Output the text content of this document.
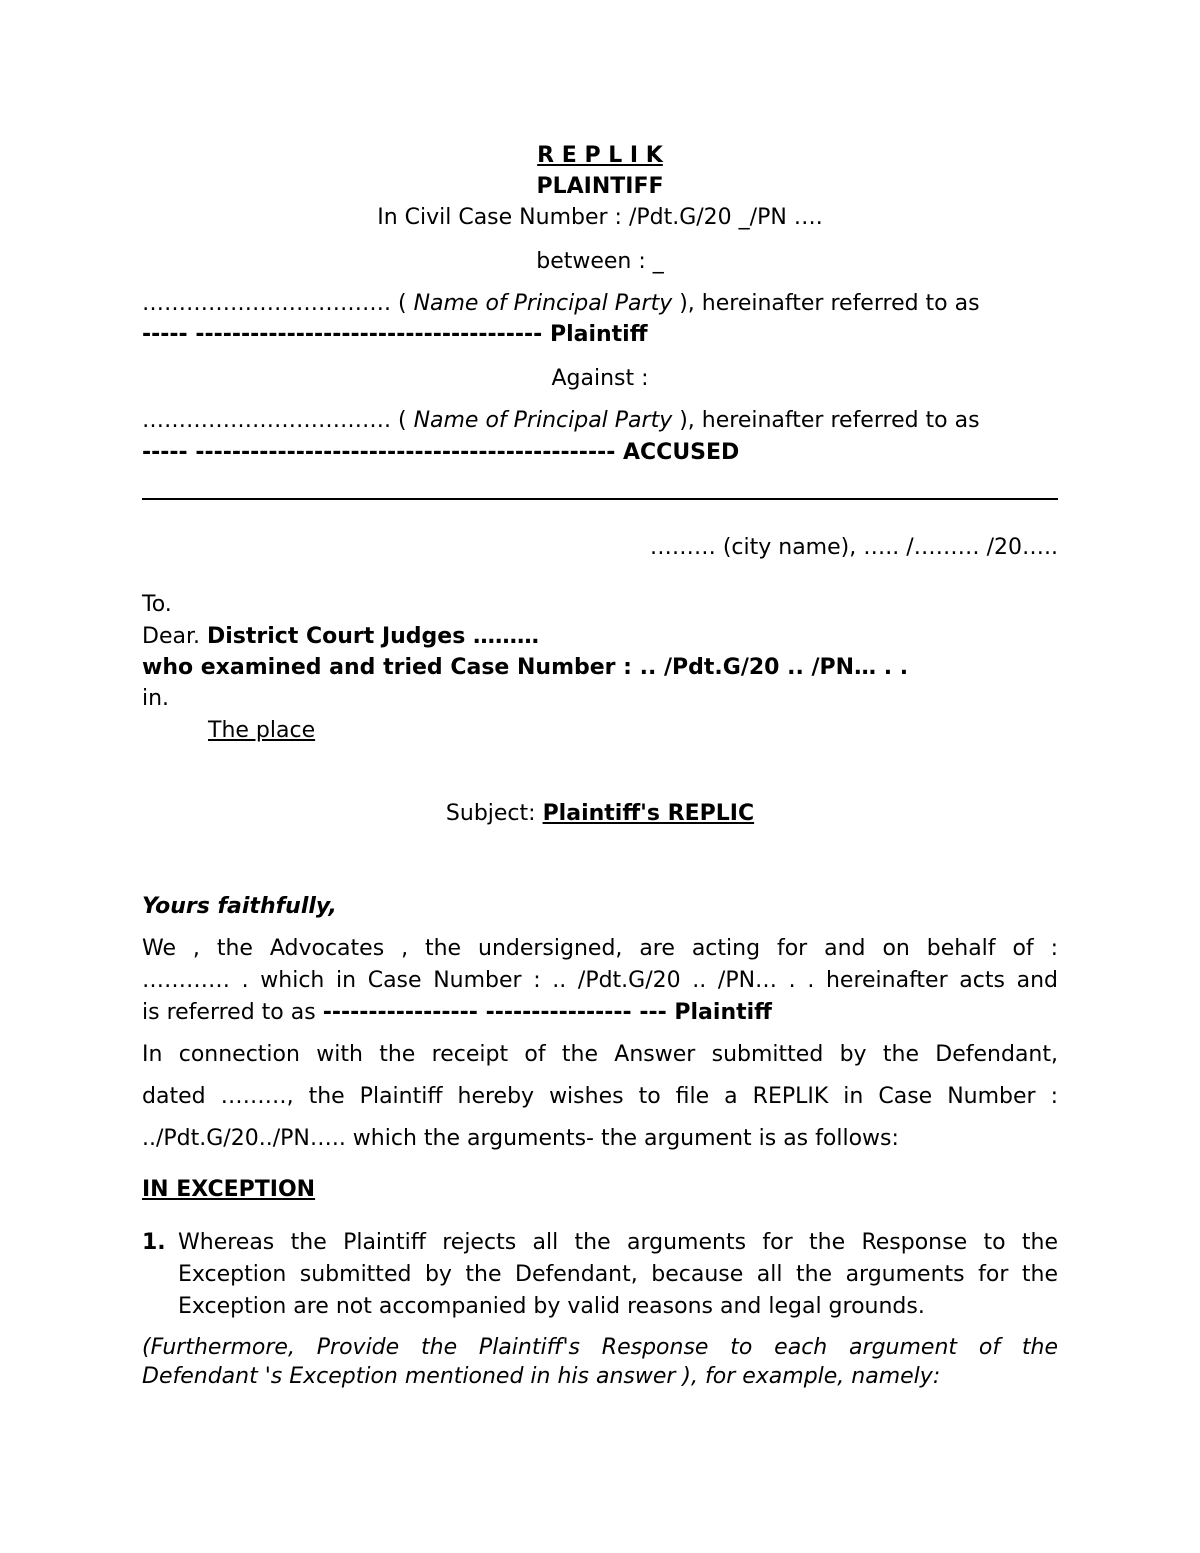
R E P L I K
PLAINTIFF
In Civil Case Number : /Pdt.G/20 _/PN ….
between : _
……………………………. ( Name of Principal Party ), hereinafter referred to as
----- -------------------------------------- Plaintiff
Against :
……………………………. ( Name of Principal Party ), hereinafter referred to as
----- ---------------------------------------------- ACCUSED
……… (city name), ….. /……… /20…..
To.
Dear. District Court Judges ………
who examined and tried Case Number : .. /Pdt.G/20 .. /PN… . .
in.
The place
Subject: Plaintiff's REPLIC
Yours faithfully,
We , the Advocates , the undersigned, are acting for and on behalf of :
………… . which in Case Number : .. /Pdt.G/20 .. /PN… . . hereinafter acts and
is referred to as ----------------- ---------------- --- Plaintiff
In connection with the receipt of the Answer submitted by the Defendant,
dated ………, the Plaintiff hereby wishes to file a REPLIK in Case Number :
../Pdt.G/20../PN….. which the arguments- the argument is as follows:
IN EXCEPTION
1. Whereas the Plaintiff rejects all the arguments for the Response to the
Exception submitted by the Defendant, because all the arguments for the
Exception are not accompanied by valid reasons and legal grounds.
(Furthermore, Provide the Plaintiff's Response to each argument of the
Defendant 's Exception mentioned in his answer ), for example, namely:
